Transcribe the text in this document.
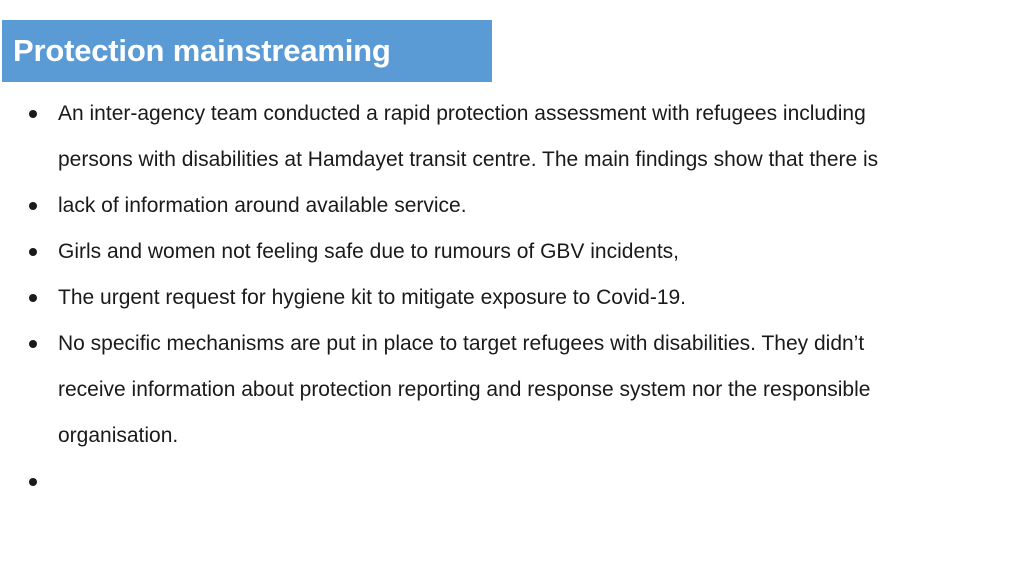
Protection mainstreaming
An inter-agency team conducted a rapid protection assessment with refugees including
persons with disabilities at Hamdayet transit centre. The main findings show that there is
lack of information around available service.
Girls and women not feeling safe due to rumours of GBV incidents,
The urgent request for hygiene kit to mitigate exposure to Covid-19.
No specific mechanisms are put in place to target refugees with disabilities. They didn’t
receive information about protection reporting and response system nor the responsible
organisation.
